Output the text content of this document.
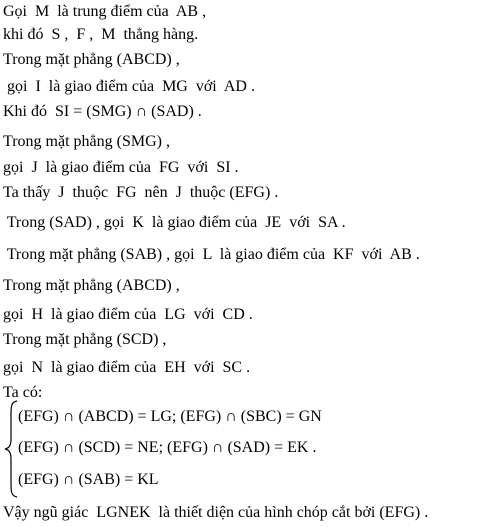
Gọi  M  là trung điểm của  AB ,
khi đó  S ,  F ,  M  thẳng hàng.
Trong mặt phẳng (ABCD) ,
gọi  I  là giao điểm của  MG  với  AD .
Khi đó  SI = (SMG) ∩ (SAD) .
Trong mặt phẳng (SMG) ,
gọi  J  là giao điểm của  FG  với  SI .
Ta thấy  J  thuộc  FG  nên  J  thuộc (EFG) .
Trong (SAD) , gọi  K  là giao điểm của  JE  với  SA .
Trong mặt phẳng (SAB) , gọi  L  là giao điểm của  KF  với  AB .
Trong mặt phẳng (ABCD) ,
gọi  H  là giao điểm của  LG  với  CD .
Trong mặt phẳng (SCD) ,
gọi  N  là giao điểm của  EH  với  SC .
Ta có:
(EFG) ∩ (ABCD) = LG; (EFG) ∩ (SBC) = GN
(EFG) ∩ (SCD) = NE; (EFG) ∩ (SAD) = EK .
(EFG) ∩ (SAB) = KL
Vậy ngũ giác  LGNEK  là thiết diện của hình chóp cắt bởi (EFG) .
